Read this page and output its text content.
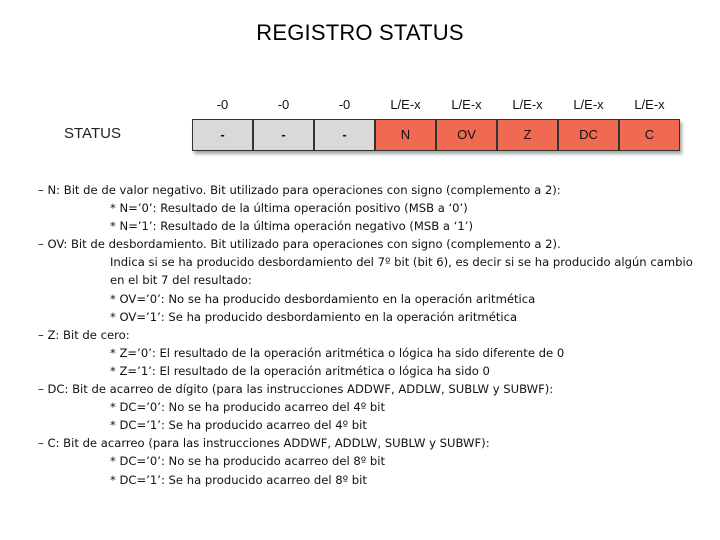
REGISTRO STATUS
STATUS
-0	-0	-0	L/E-x	L/E-x	L/E-x	L/E-x	L/E-x
-	-	-	N	OV	Z	DC	C
– N: Bit de de valor negativo. Bit utilizado para operaciones con signo (complemento a 2):
* N=’0’: Resultado de la última operación positivo (MSB a ‘0’)
* N=’1’: Resultado de la última operación negativo (MSB a ‘1’)
– OV: Bit de desbordamiento. Bit utilizado para operaciones con signo (complemento a 2).
Indica si se ha producido desbordamiento del 7º bit (bit 6), es decir si se ha producido algún cambio en el bit 7 del resultado:
* OV=’0’: No se ha producido desbordamiento en la operación aritmética
* OV=’1’: Se ha producido desbordamiento en la operación aritmética
– Z: Bit de cero:
* Z=’0’: El resultado de la operación aritmética o lógica ha sido diferente de 0
* Z=’1’: El resultado de la operación aritmética o lógica ha sido 0
– DC: Bit de acarreo de dígito (para las instrucciones ADDWF, ADDLW, SUBLW y SUBWF):
* DC=’0’: No se ha producido acarreo del 4º bit
* DC=’1’: Se ha producido acarreo del 4º bit
– C: Bit de acarreo (para las instrucciones ADDWF, ADDLW, SUBLW y SUBWF):
* DC=’0’: No se ha producido acarreo del 8º bit
* DC=’1’: Se ha producido acarreo del 8º bit
